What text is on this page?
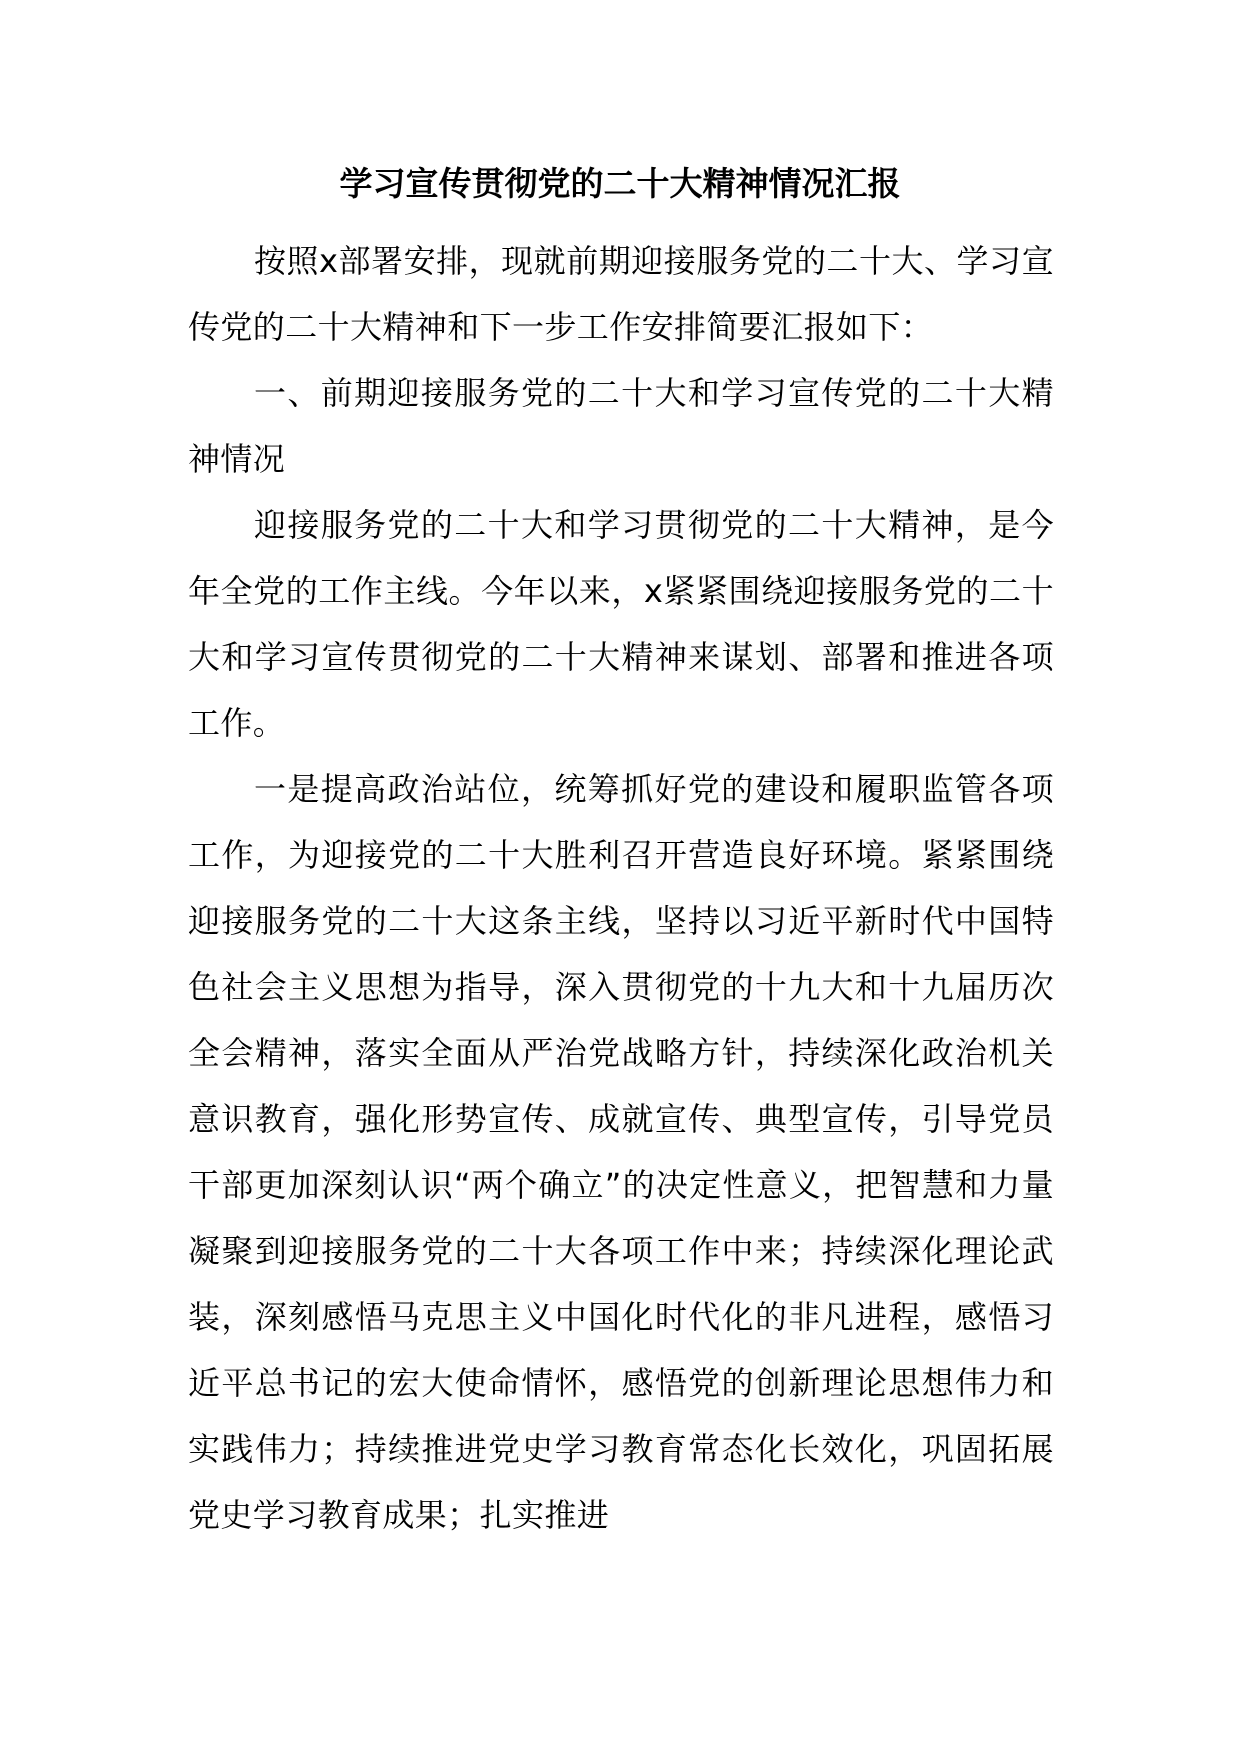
学习宣传贯彻党的二十大精神情况汇报

按照x部署安排，现就前期迎接服务党的二十大、学习宣传党的二十大精神和下一步工作安排简要汇报如下：

一、前期迎接服务党的二十大和学习宣传党的二十大精神情况

迎接服务党的二十大和学习贯彻党的二十大精神，是今年全党的工作主线。今年以来，x紧紧围绕迎接服务党的二十大和学习宣传贯彻党的二十大精神来谋划、部署和推进各项工作。

一是提高政治站位，统筹抓好党的建设和履职监管各项工作，为迎接党的二十大胜利召开营造良好环境。紧紧围绕迎接服务党的二十大这条主线，坚持以习近平新时代中国特色社会主义思想为指导，深入贯彻党的十九大和十九届历次全会精神，落实全面从严治党战略方针，持续深化政治机关意识教育，强化形势宣传、成就宣传、典型宣传，引导党员干部更加深刻认识“两个确立”的决定性意义，把智慧和力量凝聚到迎接服务党的二十大各项工作中来；持续深化理论武装，深刻感悟马克思主义中国化时代化的非凡进程，感悟习近平总书记的宏大使命情怀，感悟党的创新理论思想伟力和实践伟力；持续推进党史学习教育常态化长效化，巩固拓展党史学习教育成果；扎实推进
